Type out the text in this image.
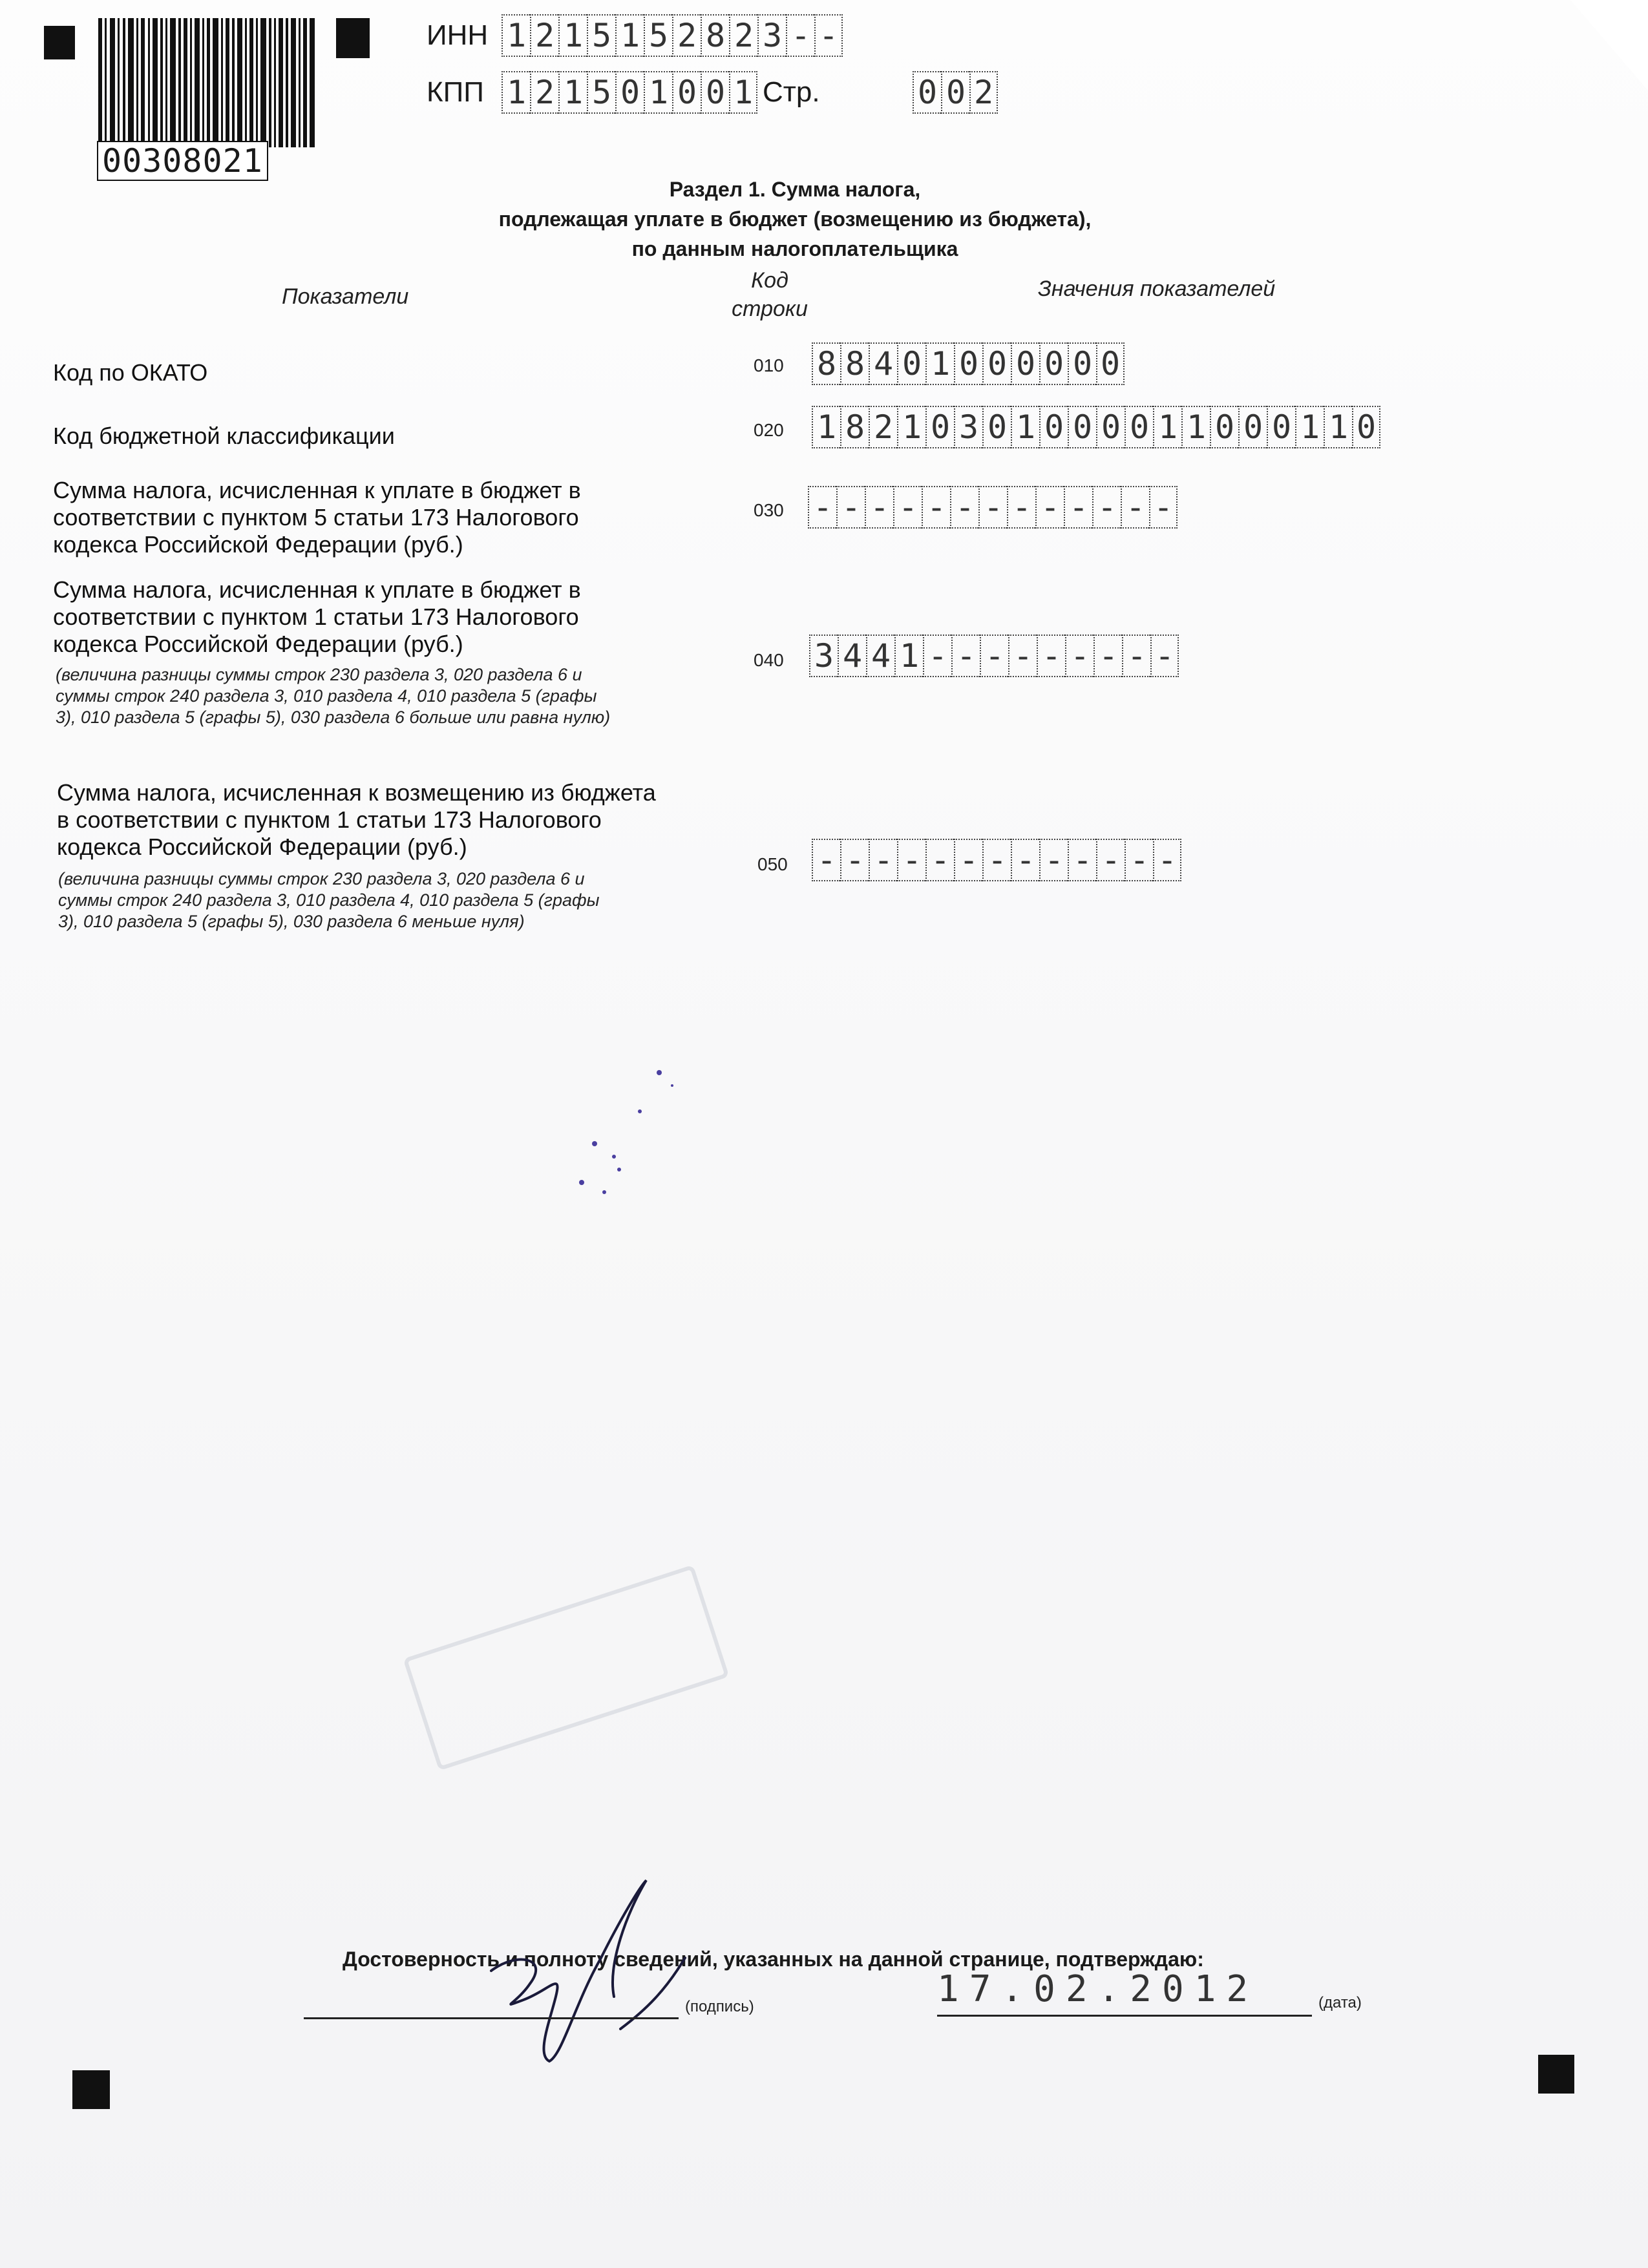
00308021
ИНН 1 2 1 5 1 5 2 8 2 3 - -
КПП 1 2 1 5 0 1 0 0 1 Стр.	0 0 2
Раздел 1. Сумма налога,
подлежащая уплате в бюджет (возмещению из бюджета),
по данным налогоплательщика
Показатели
Код
строки
Значения показателей
Код по ОКАТО	010 8 8 4 0 1 0 0 0 0 0 0
Код бюджетной классификации	020 1 8 2 1 0 3 0 1 0 0 0 0 1 1 0 0 0 1 1 0
Сумма налога, исчисленная к уплате в бюджет в
соответствии с пунктом 5 статьи 173 Налогового
кодекса Российской Федерации (руб.)
030 - - - - - - - - - - - - -
Сумма налога, исчисленная к уплате в бюджет в
соответствии с пунктом 1 статьи 173 Налогового
кодекса Российской Федерации (руб.)
(величина разницы суммы строк 230 раздела 3, 020 раздела 6 и
суммы строк 240 раздела 3, 010 раздела 4, 010 раздела 5 (графы
3), 010 раздела 5 (графы 5), 030 раздела 6 больше или равна нулю)
040 3 4 4 1 - - - - - - - - -
Сумма налога, исчисленная к возмещению из бюджета
в соответствии с пунктом 1 статьи 173 Налогового
кодекса Российской Федерации (руб.)
(величина разницы суммы строк 230 раздела 3, 020 раздела 6 и
суммы строк 240 раздела 3, 010 раздела 4, 010 раздела 5 (графы
3), 010 раздела 5 (графы 5), 030 раздела 6 меньше нуля)
050 - - - - - - - - - - - - -
Достоверность и полноту сведений, указанных на данной странице, подтверждаю:
(подпись)	17.02.2012	(дата)
